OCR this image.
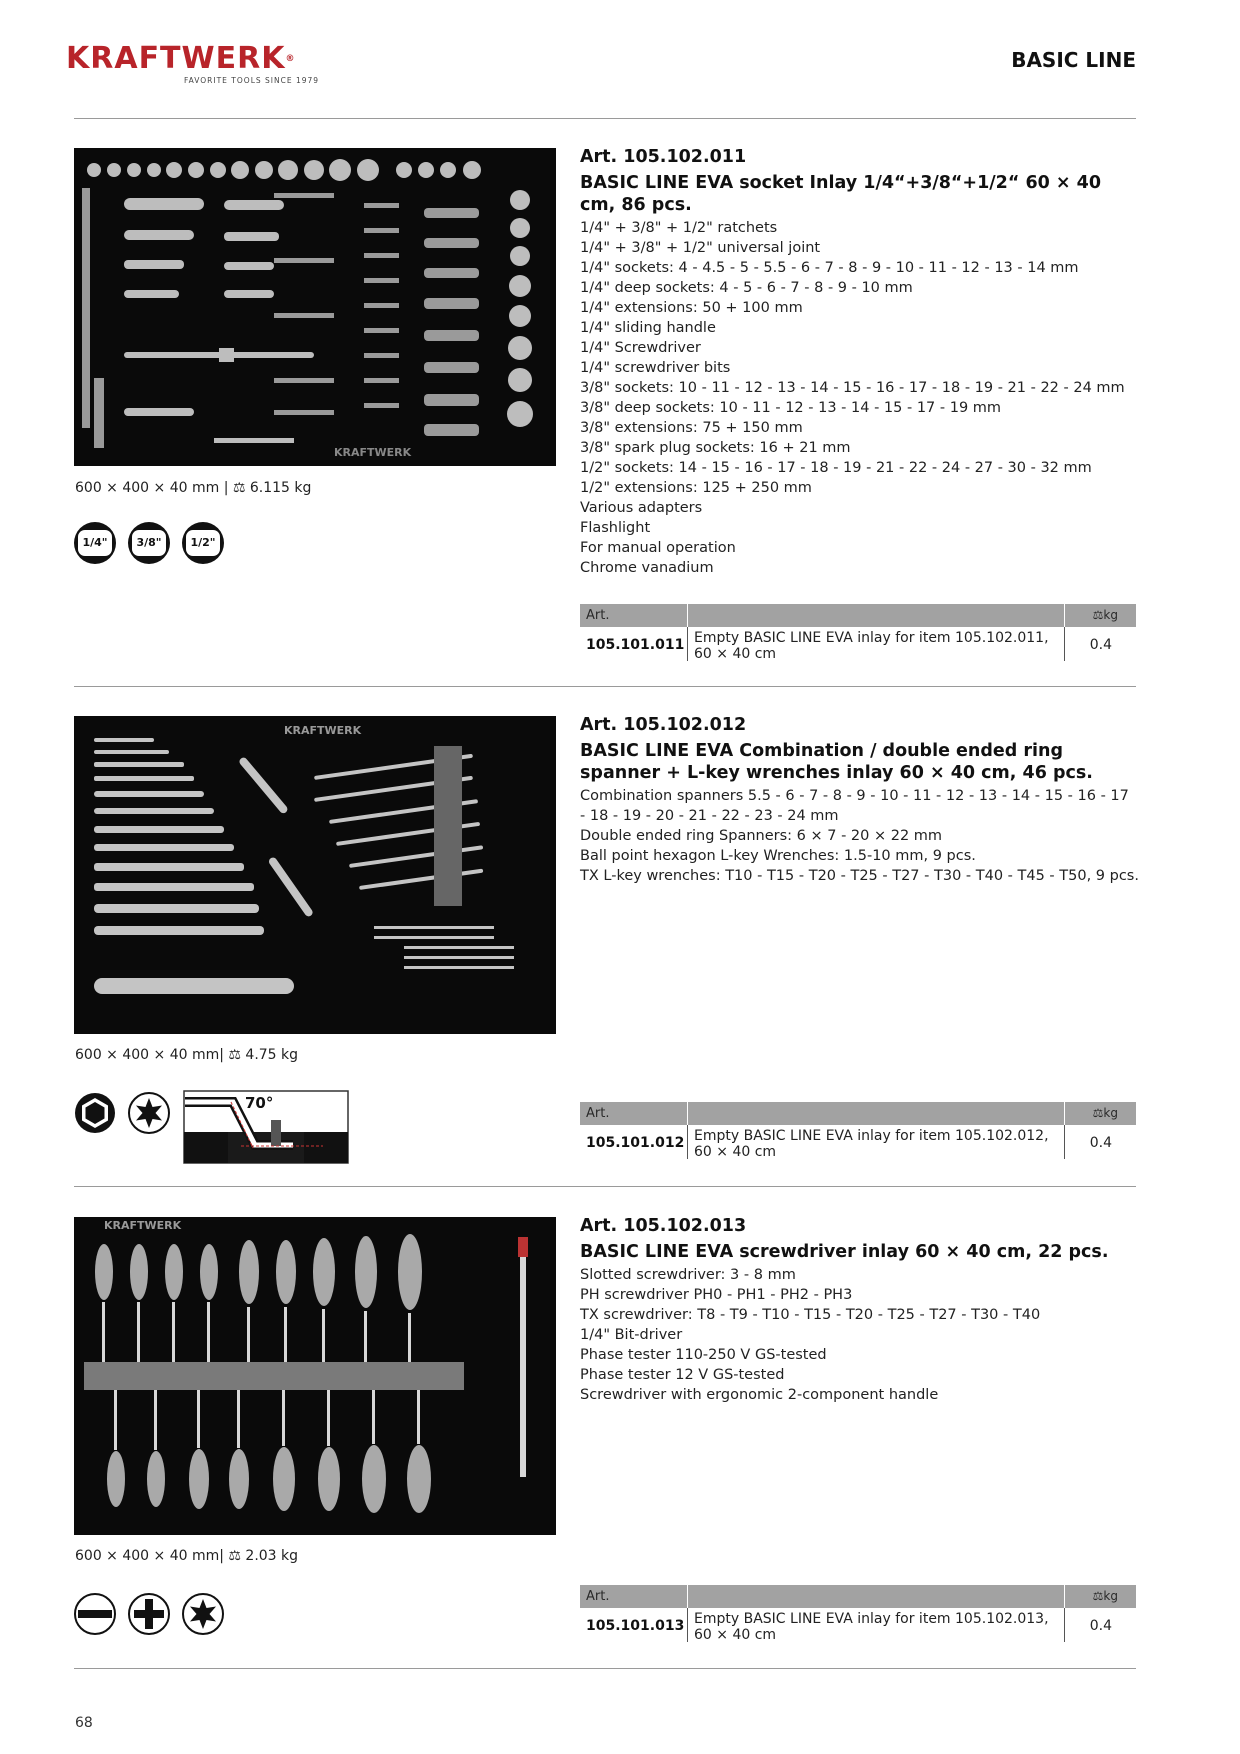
KRAFTWERK®
FAVORITE TOOLS SINCE 1979
BASIC LINE
KRAFTWERK
600 × 400 × 40 mm | ⚖ 6.115 kg
1/4"	3/8"	1/2"
Art. 105.102.011
BASIC LINE EVA socket Inlay 1/4“+3/8“+1/2“ 60 × 40 cm, 86 pcs.
1/4" + 3/8" + 1/2" ratchets
1/4" + 3/8" + 1/2" universal joint
1/4" sockets: 4 - 4.5 - 5 - 5.5 - 6 - 7 - 8 - 9 - 10 - 11 - 12 - 13 - 14 mm
1/4" deep sockets: 4 - 5 - 6 - 7 - 8 - 9 - 10 mm
1/4" extensions: 50 + 100 mm
1/4" sliding handle
1/4" Screwdriver
1/4" screwdriver bits
3/8" sockets: 10 - 11 - 12 - 13 - 14 - 15 - 16 - 17 - 18 - 19 - 21 - 22 - 24 mm
3/8" deep sockets: 10 - 11 - 12 - 13 - 14 - 15 - 17 - 19 mm
3/8" extensions: 75 + 150 mm
3/8" spark plug sockets: 16 + 21 mm
1/2" sockets: 14 - 15 - 16 - 17 - 18 - 19 - 21 - 22 - 24 - 27 - 30 - 32 mm
1/2" extensions: 125 + 250 mm
Various adapters
Flashlight
For manual operation
Chrome vanadium
Art.	⚖kg
105.101.011 Empty BASIC LINE EVA inlay for item 105.102.011, 60 × 40 cm
0.4
KRAFTWERK
600 × 400 × 40 mm| ⚖ 4.75 kg
70°
Art. 105.102.012
BASIC LINE EVA Combination / double ended ring spanner + L-key wrenches inlay 60 × 40 cm, 46 pcs.
Combination spanners 5.5 - 6 - 7 - 8 - 9 - 10 - 11 - 12 - 13 - 14 - 15 - 16 - 17
- 18 - 19 - 20 - 21 - 22 - 23 - 24 mm
Double ended ring Spanners: 6 × 7 - 20 × 22 mm
Ball point hexagon L-key Wrenches: 1.5-10 mm, 9 pcs.
TX L-key wrenches: T10 - T15 - T20 - T25 - T27 - T30 - T40 - T45 - T50, 9 pcs.
Art.	⚖kg
105.101.012 Empty BASIC LINE EVA inlay for item 105.102.012, 60 × 40 cm
0.4
KRAFTWERK
600 × 400 × 40 mm| ⚖ 2.03 kg
Art. 105.102.013
BASIC LINE EVA screwdriver inlay 60 × 40 cm, 22 pcs.
Slotted screwdriver: 3 - 8 mm
PH screwdriver PH0 - PH1 - PH2 - PH3
TX screwdriver: T8 - T9 - T10 - T15 - T20 - T25 - T27 - T30 - T40
1/4" Bit-driver
Phase tester 110-250 V GS-tested
Phase tester 12 V GS-tested
Screwdriver with ergonomic 2-component handle
Art.	⚖kg
105.101.013 Empty BASIC LINE EVA inlay for item 105.102.013, 60 × 40 cm
0.4
68
